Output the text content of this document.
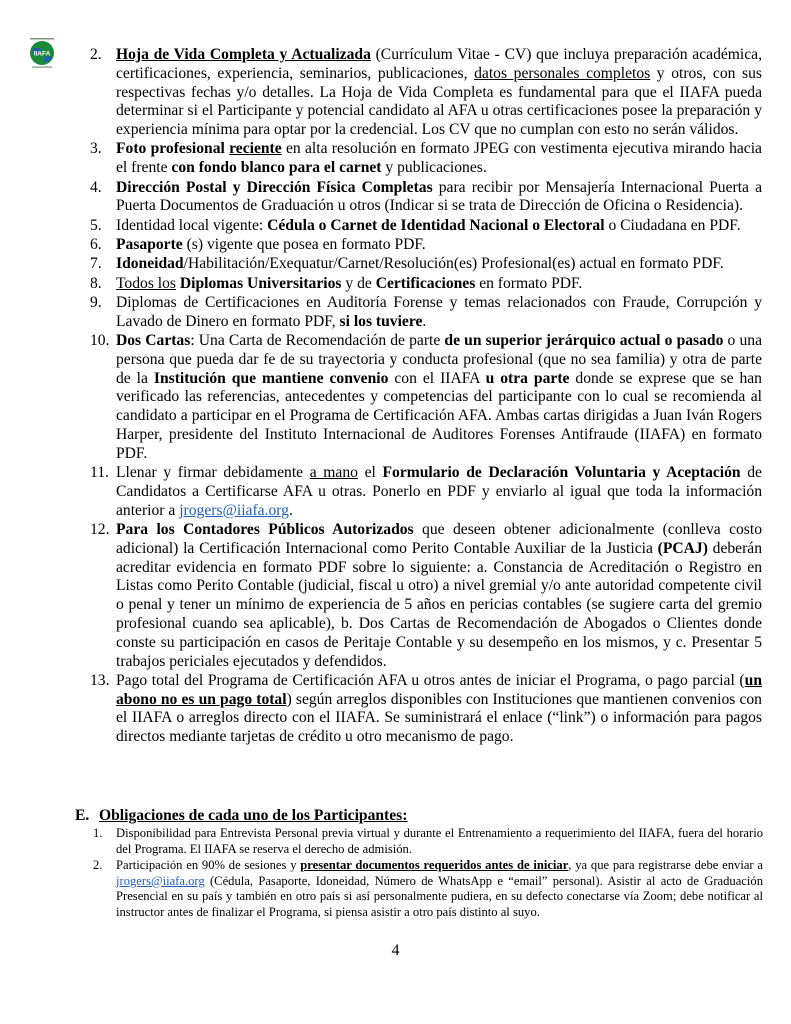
IIAFA	2. Hoja de Vida Completa y Actualizada (Currículum Vitae - CV) que incluya preparación académica, certificaciones, experiencia, seminarios, publicaciones, datos personales completos y otros, con sus respectivas fechas y/o detalles. La Hoja de Vida Completa es fundamental para que el IIAFA pueda determinar si el Participante y potencial candidato al AFA u otras certificaciones posee la preparación y experiencia mínima para optar por la credencial. Los CV que no cumplan con esto no serán válidos.
3. Foto profesional reciente en alta resolución en formato JPEG con vestimenta ejecutiva mirando hacia el frente con fondo blanco para el carnet y publicaciones.
4. Dirección Postal y Dirección Física Completas para recibir por Mensajería Internacional Puerta a Puerta Documentos de Graduación u otros (Indicar si se trata de Dirección de Oficina o Residencia).
5. Identidad local vigente: Cédula o Carnet de Identidad Nacional o Electoral o Ciudadana en PDF.
6. Pasaporte (s) vigente que posea en formato PDF.
7. Idoneidad/Habilitación/Exequatur/Carnet/Resolución(es) Profesional(es) actual en formato PDF.
8. Todos los Diplomas Universitarios y de Certificaciones en formato PDF.
9. Diplomas de Certificaciones en Auditoría Forense y temas relacionados con Fraude, Corrupción y Lavado de Dinero en formato PDF, si los tuviere.
10. Dos Cartas: Una Carta de Recomendación de parte de un superior jerárquico actual o pasado o una persona que pueda dar fe de su trayectoria y conducta profesional (que no sea familia) y otra de parte de la Institución que mantiene convenio con el IIAFA u otra parte donde se exprese que se han verificado las referencias, antecedentes y competencias del participante con lo cual se recomienda al candidato a participar en el Programa de Certificación AFA. Ambas cartas dirigidas a Juan Iván Rogers Harper, presidente del Instituto Internacional de Auditores Forenses Antifraude (IIAFA) en formato PDF.
11. Llenar y firmar debidamente a mano el Formulario de Declaración Voluntaria y Aceptación de Candidatos a Certificarse AFA u otras. Ponerlo en PDF y enviarlo al igual que toda la información anterior a jrogers@iiafa.org.
12. Para los Contadores Públicos Autorizados que deseen obtener adicionalmente (conlleva costo adicional) la Certificación Internacional como Perito Contable Auxiliar de la Justicia (PCAJ) deberán acreditar evidencia en formato PDF sobre lo siguiente: a. Constancia de Acreditación o Registro en Listas como Perito Contable (judicial, fiscal u otro) a nivel gremial y/o ante autoridad competente civil o penal y tener un mínimo de experiencia de 5 años en pericias contables (se sugiere carta del gremio profesional cuando sea aplicable), b. Dos Cartas de Recomendación de Abogados o Clientes donde conste su participación en casos de Peritaje Contable y su desempeño en los mismos, y c. Presentar 5 trabajos periciales ejecutados y defendidos.
13. Pago total del Programa de Certificación AFA u otros antes de iniciar el Programa, o pago parcial (un abono no es un pago total) según arreglos disponibles con Instituciones que mantienen convenios con el IIAFA o arreglos directo con el IIAFA. Se suministrará el enlace (“link”) o información para pagos directos mediante tarjetas de crédito u otro mecanismo de pago.
E. Obligaciones de cada uno de los Participantes:
1. Disponibilidad para Entrevista Personal previa virtual y durante el Entrenamiento a requerimiento del IIAFA, fuera del horario del Programa. El IIAFA se reserva el derecho de admisión.
2. Participación en 90% de sesiones y presentar documentos requeridos antes de iniciar, ya que para registrarse debe enviar a jrogers@iiafa.org (Cédula, Pasaporte, Idoneidad, Número de WhatsApp e “email” personal). Asistir al acto de Graduación Presencial en su país y también en otro país si así personalmente pudiera, en su defecto conectarse vía Zoom; debe notificar al instructor antes de finalizar el Programa, si piensa asistir a otro país distinto al suyo.
4
